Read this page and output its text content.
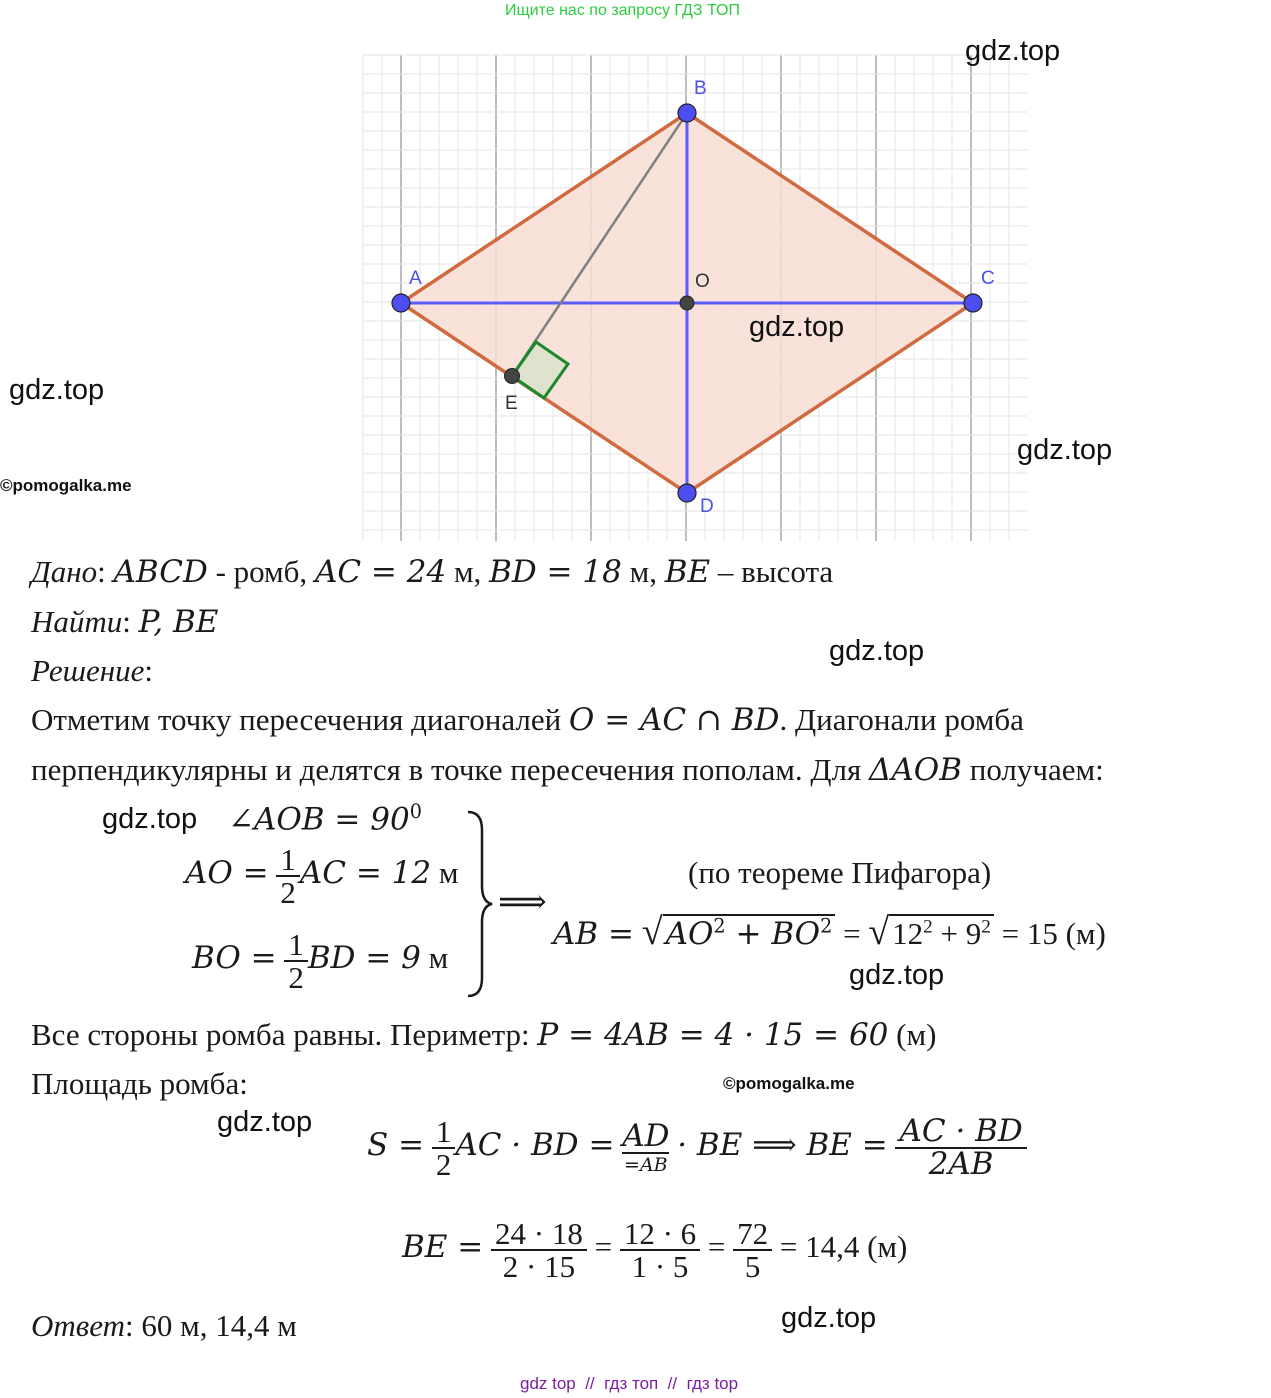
Ищите нас по запросу ГДЗ ТОП
A
B
C
D
O
E
gdz.top
gdz.top
gdz.top
gdz.top
©pomogalka.me
gdz.top
gdz.top
gdz.top
©pomogalka.me
gdz.top
gdz.top
Дано: ABCD - ромб, AC = 24 м, BD = 18 м, BE – высота
Найти: P, BE
Решение:
Отметим точку пересечения диагоналей O = AC ∩ BD. Диагонали ромба
перпендикулярны и делятся в точке пересечения пополам. Для ΔAOB получаем:
∠AOB = $90^0$
AO = $\frac{1}{2}$ AC = 12 м
BO = $\frac{1}{2}$ BD = 9 м
⟹
(по теореме Пифагора)
AB = $√AO^2 + BO^2 = √12^2 + 9^2 = 15$ (м)
Все стороны ромба равны. Периметр: P = 4AB = 4 · 15 = 60 (м)
Площадь ромба:
$S = \frac{1}{2}$ AC · BD = AD
=AB
· BE ⟹ BE = $\frac{AC \cdot BD}{2AB}$
BE = $\frac{24 \cdot 18}{2 \cdot 15} = \frac{12 \cdot 6}{1 \cdot 5} = \frac{72}{5} = 14,4$ (м)
Ответ: 60 м, 14,4 м
gdz top  //  гдз топ  //  гдз top
